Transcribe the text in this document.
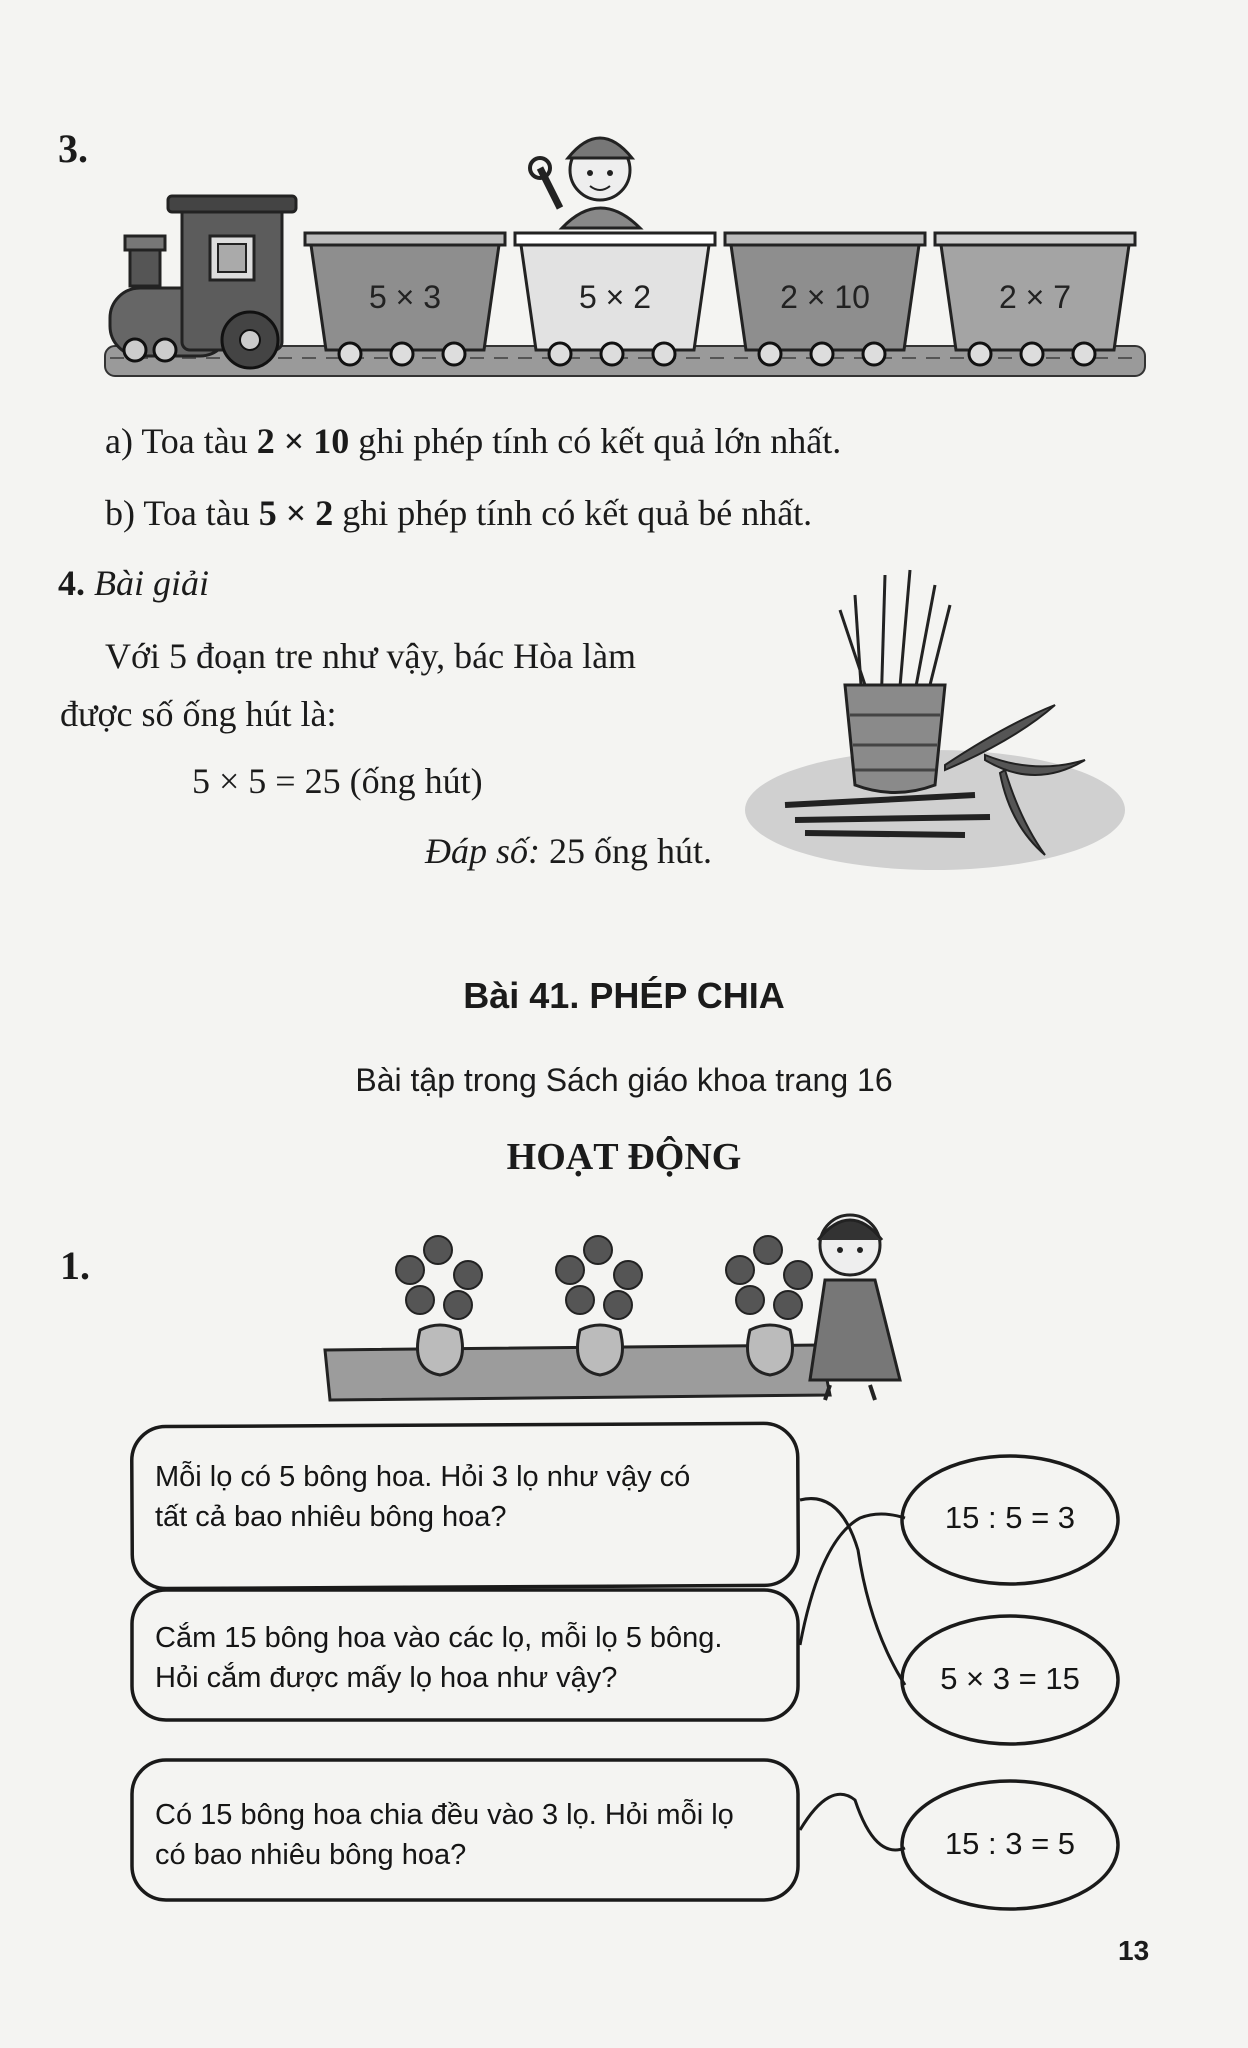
3.
5 × 3	5 × 2	2 × 10	2 × 7
a) Toa tàu 2 × 10 ghi phép tính có kết quả lớn nhất.
b) Toa tàu 5 × 2 ghi phép tính có kết quả bé nhất.
4. Bài giải
Với 5 đoạn tre như vậy, bác Hòa làm
được số ống hút là:
5 × 5 = 25 (ống hút)
Đáp số: 25 ống hút.
Bài 41. PHÉP CHIA
Bài tập trong Sách giáo khoa trang 16
HOẠT ĐỘNG
1.
Mỗi lọ có 5 bông hoa. Hỏi 3 lọ như vậy có
tất cả bao nhiêu bông hoa?
Cắm 15 bông hoa vào các lọ, mỗi lọ 5 bông.
Hỏi cắm được mấy lọ hoa như vậy?
Có 15 bông hoa chia đều vào 3 lọ. Hỏi mỗi lọ
có bao nhiêu bông hoa?
15 : 5 = 3
5 × 3 = 15
15 : 3 = 5
13
